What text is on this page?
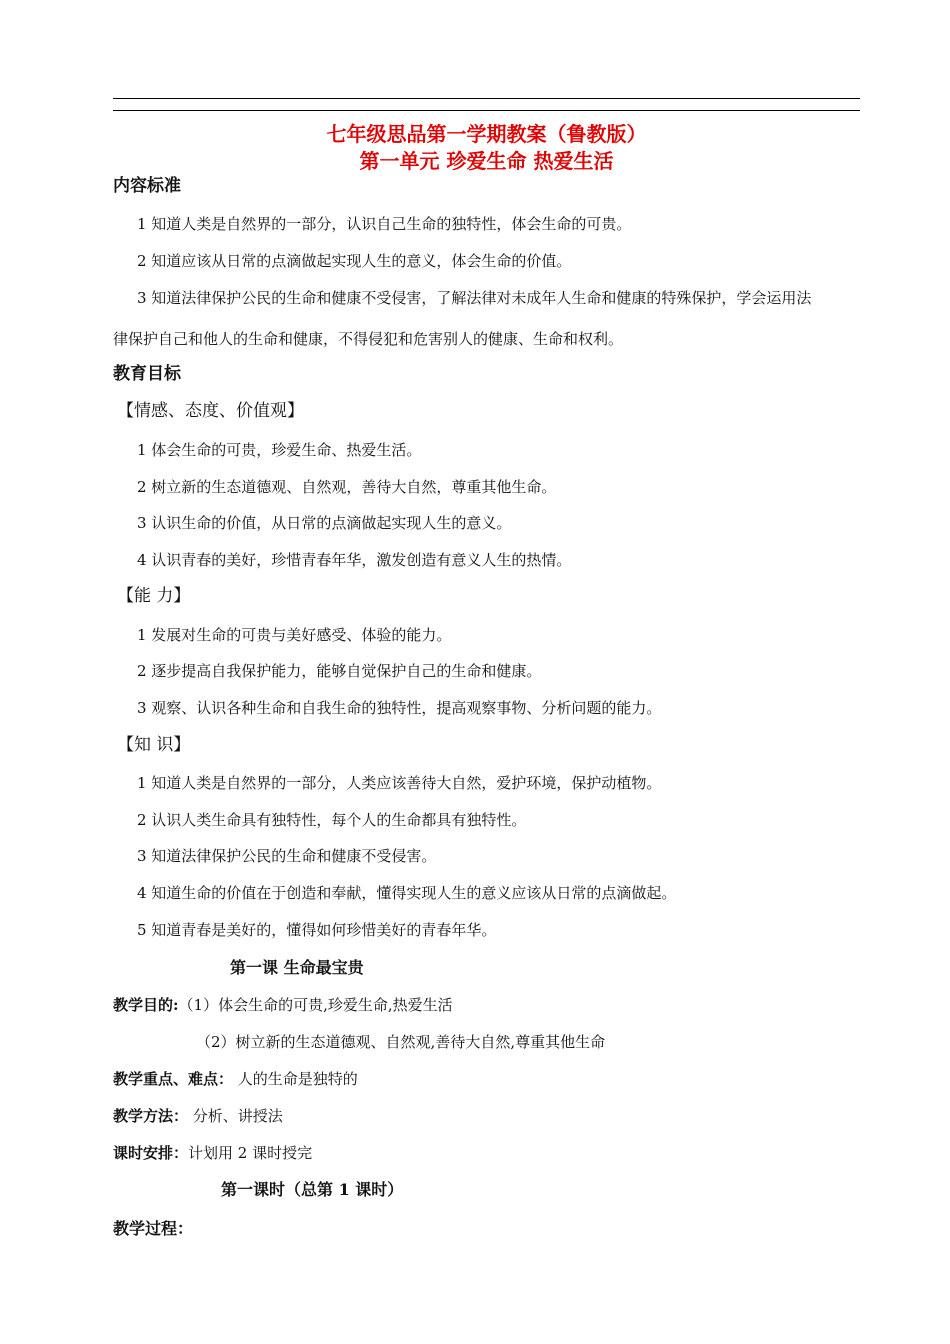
七年级思品第一学期教案（鲁教版）
第一单元 珍爱生命 热爱生活
内容标准
1 知道人类是自然界的一部分，认识自己生命的独特性，体会生命的可贵。
2 知道应该从日常的点滴做起实现人生的意义，体会生命的价值。
3 知道法律保护公民的生命和健康不受侵害，了解法律对未成年人生命和健康的特殊保护，学会运用法
律保护自己和他人的生命和健康，不得侵犯和危害别人的健康、生命和权利。
教育目标
【情感、态度、价值观】
1 体会生命的可贵，珍爱生命、热爱生活。
2 树立新的生态道德观、自然观，善待大自然，尊重其他生命。
3 认识生命的价值，从日常的点滴做起实现人生的意义。
4 认识青春的美好，珍惜青春年华，激发创造有意义人生的热情。
【能 力】
1 发展对生命的可贵与美好感受、体验的能力。
2 逐步提高自我保护能力，能够自觉保护自己的生命和健康。
3 观察、认识各种生命和自我生命的独特性，提高观察事物、分析问题的能力。
【知 识】
1 知道人类是自然界的一部分，人类应该善待大自然，爱护环境，保护动植物。
2 认识人类生命具有独特性，每个人的生命都具有独特性。
3 知道法律保护公民的生命和健康不受侵害。
4 知道生命的价值在于创造和奉献，懂得实现人生的意义应该从日常的点滴做起。
5 知道青春是美好的，懂得如何珍惜美好的青春年华。
第一课 生命最宝贵
教学目的:（1）体会生命的可贵,珍爱生命,热爱生活
（2）树立新的生态道德观、自然观,善待大自然,尊重其他生命
教学重点、难点： 人的生命是独特的
教学方法： 分析、讲授法
课时安排：计划用 2 课时授完
第一课时（总第 1 课时）
教学过程：
